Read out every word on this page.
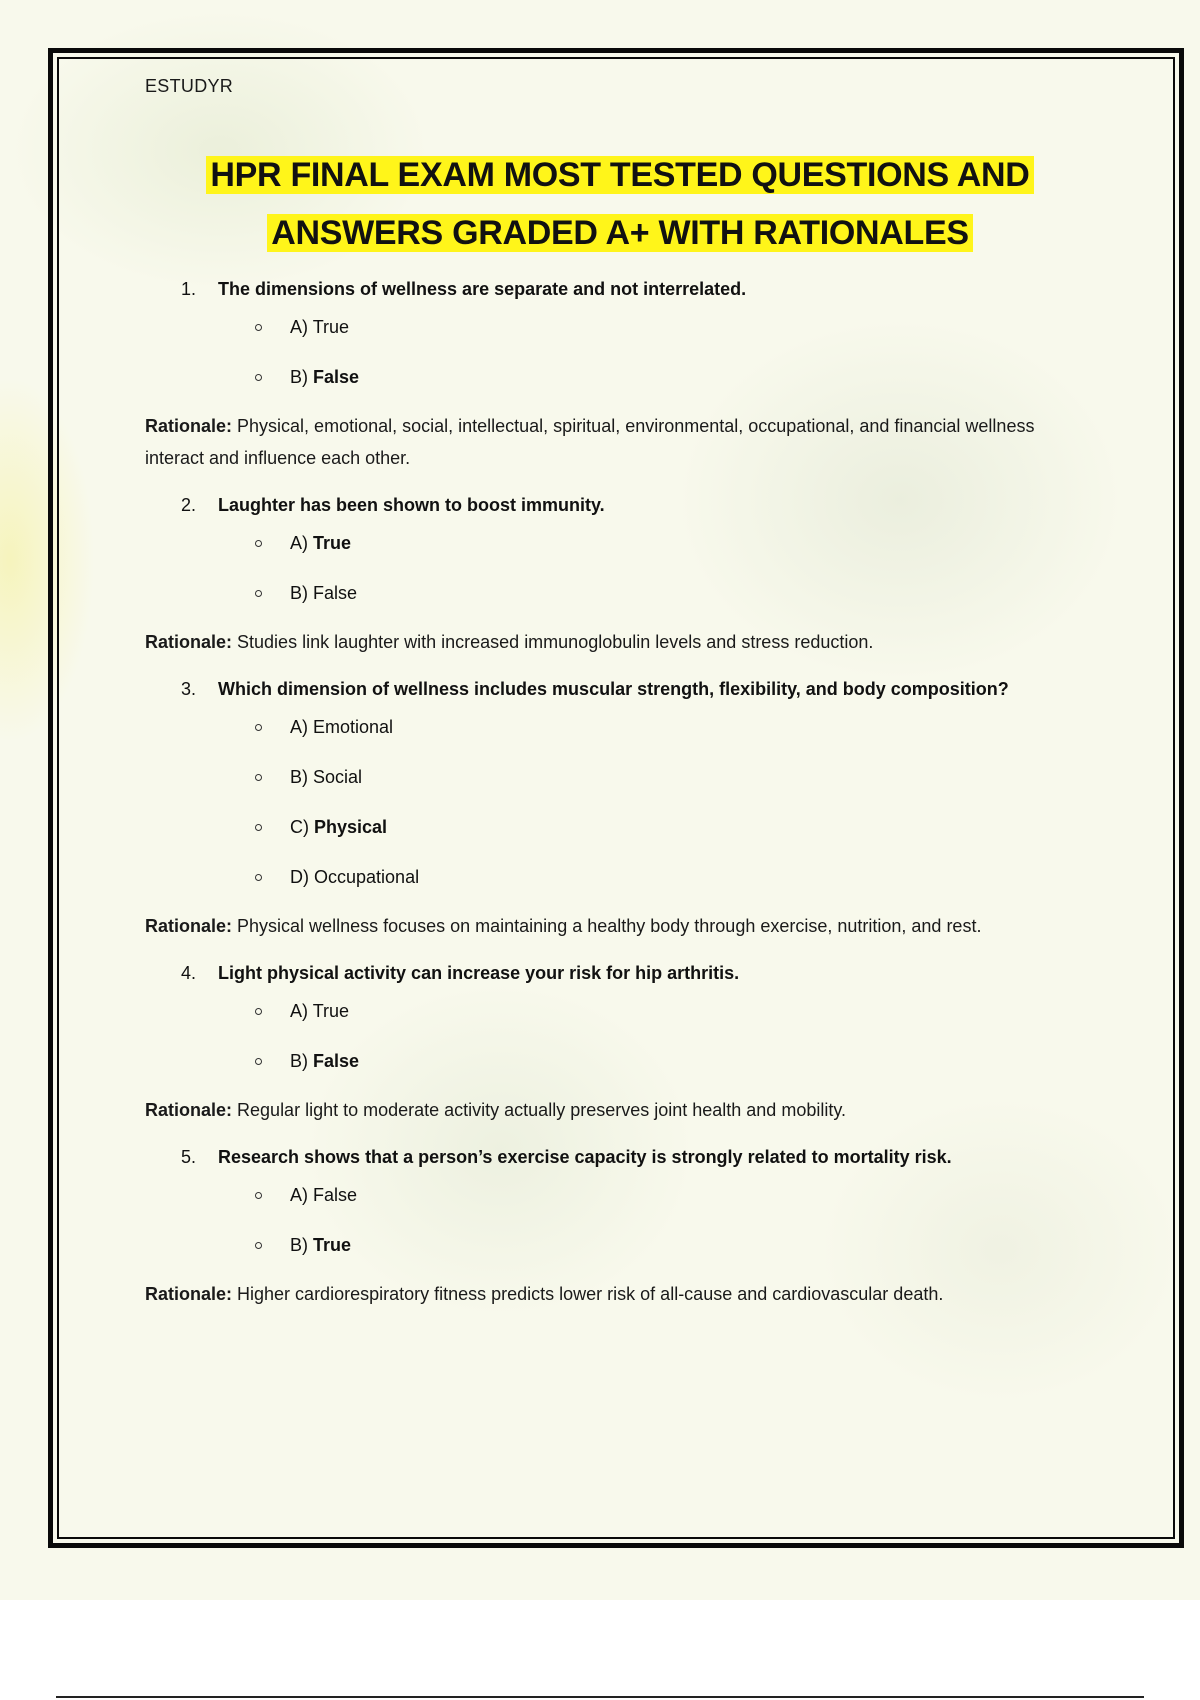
ESTUDYR
HPR FINAL EXAM MOST TESTED QUESTIONS AND
ANSWERS GRADED A+ WITH RATIONALES
1. The dimensions of wellness are separate and not interrelated.
A) True
B) False
Rationale: Physical, emotional, social, intellectual, spiritual, environmental, occupational, and financial wellness interact and influence each other.
2. Laughter has been shown to boost immunity.
A) True
B) False
Rationale: Studies link laughter with increased immunoglobulin levels and stress reduction.
3. Which dimension of wellness includes muscular strength, flexibility, and body composition?
A) Emotional
B) Social
C) Physical
D) Occupational
Rationale: Physical wellness focuses on maintaining a healthy body through exercise, nutrition, and rest.
4. Light physical activity can increase your risk for hip arthritis.
A) True
B) False
Rationale: Regular light to moderate activity actually preserves joint health and mobility.
5. Research shows that a person’s exercise capacity is strongly related to mortality risk.
A) False
B) True
Rationale: Higher cardiorespiratory fitness predicts lower risk of all-cause and cardiovascular death.
